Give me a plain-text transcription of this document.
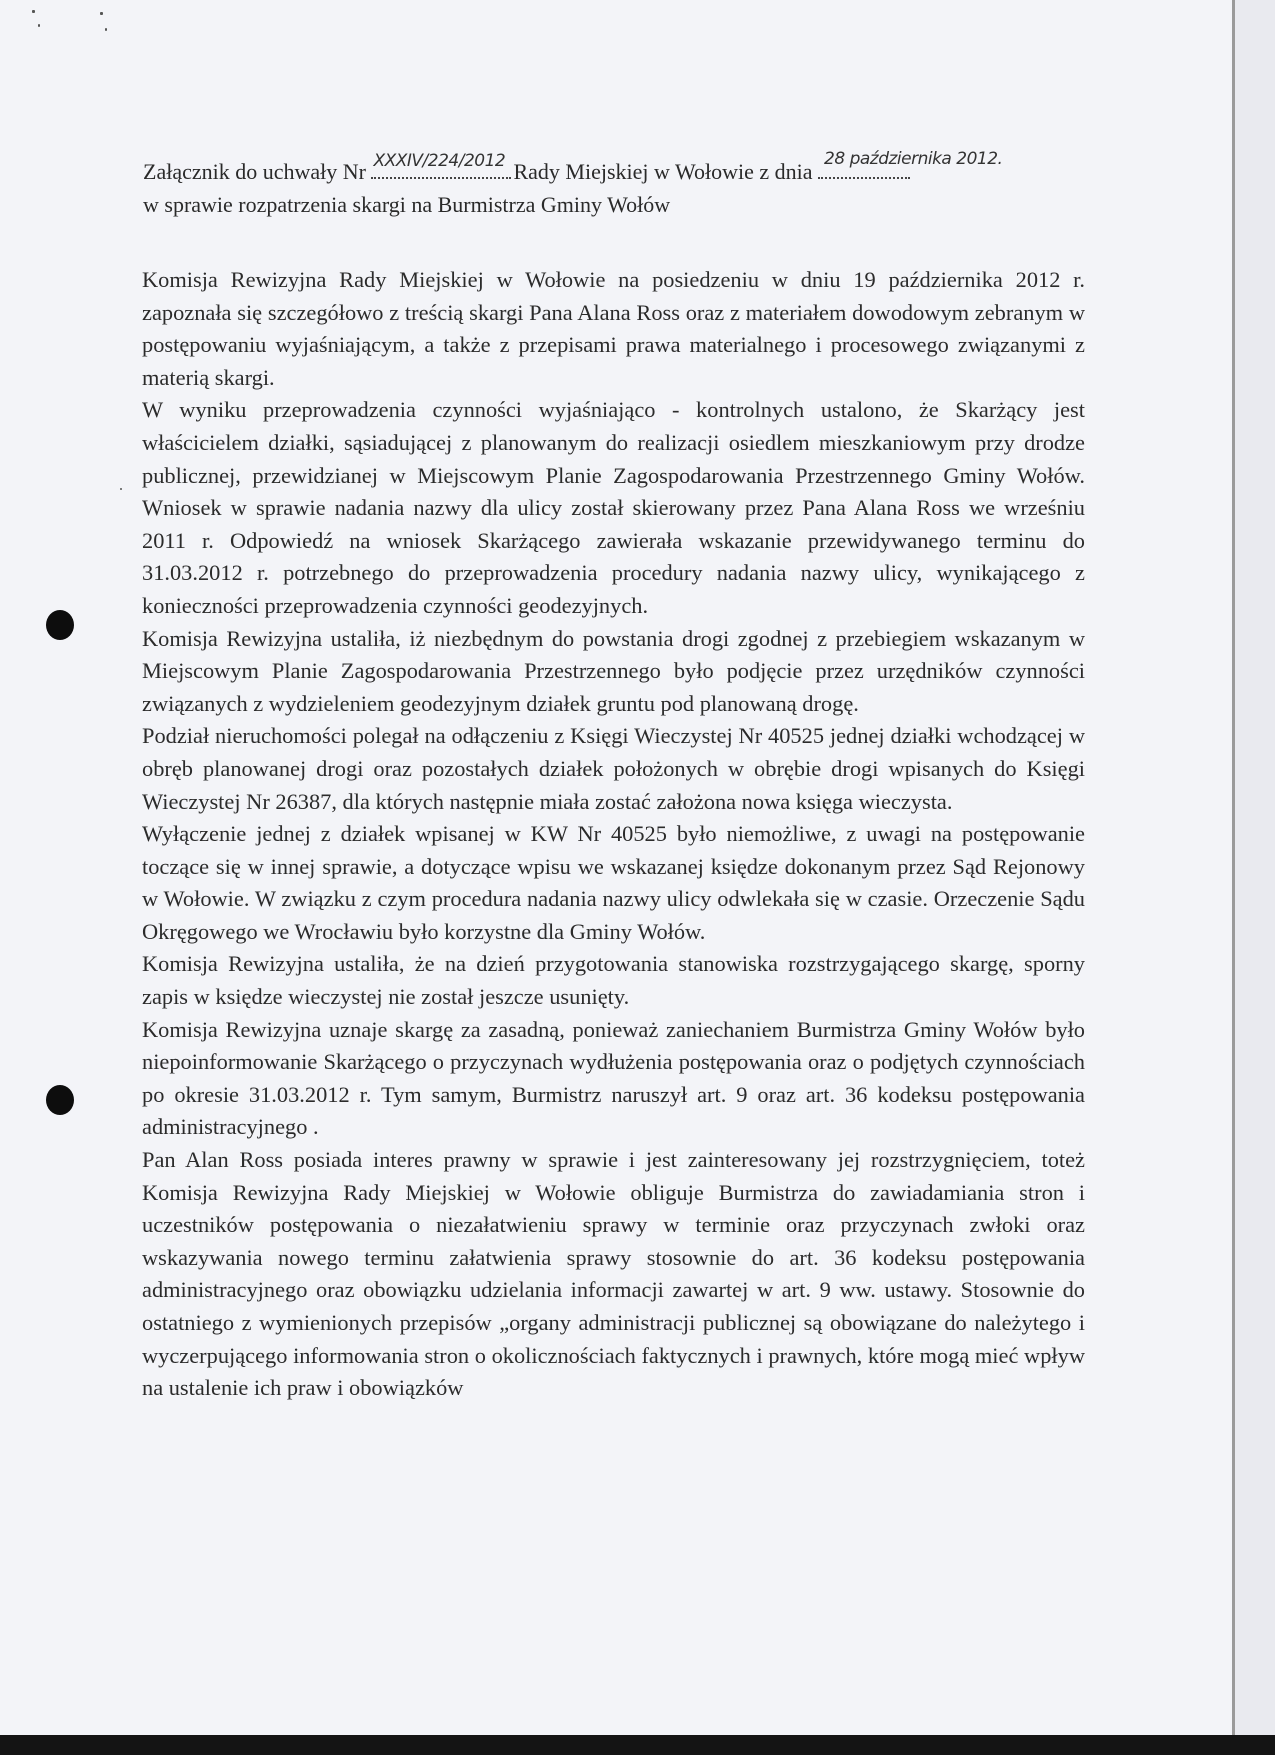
Załącznik do uchwały Nr XXXIV/224/2012 Rady Miejskiej w Wołowie z dnia 28 października 2012.
w sprawie rozpatrzenia skargi na Burmistrza Gminy Wołów

Komisja Rewizyjna Rady Miejskiej w Wołowie na posiedzeniu w dniu 19 października 2012 r. zapoznała się szczegółowo z treścią skargi Pana Alana Ross oraz z materiałem dowodowym zebranym w postępowaniu wyjaśniającym, a także z przepisami prawa materialnego i procesowego związanymi z materią skargi.

W wyniku przeprowadzenia czynności wyjaśniająco - kontrolnych ustalono, że Skarżący jest właścicielem działki, sąsiadującej z planowanym do realizacji osiedlem mieszkaniowym przy drodze publicznej, przewidzianej w Miejscowym Planie Zagospodarowania Przestrzennego Gminy Wołów. Wniosek w sprawie nadania nazwy dla ulicy został skierowany przez Pana Alana Ross we wrześniu 2011 r. Odpowiedź na wniosek Skarżącego zawierała wskazanie przewidywanego terminu do 31.03.2012 r. potrzebnego do przeprowadzenia procedury nadania nazwy ulicy, wynikającego z konieczności przeprowadzenia czynności geodezyjnych.

Komisja Rewizyjna ustaliła, iż niezbędnym do powstania drogi zgodnej z przebiegiem wskazanym w Miejscowym Planie Zagospodarowania Przestrzennego było podjęcie przez urzędników czynności związanych z wydzieleniem geodezyjnym działek gruntu pod planowaną drogę.

Podział nieruchomości polegał na odłączeniu z Księgi Wieczystej Nr 40525 jednej działki wchodzącej w obręb planowanej drogi oraz pozostałych działek położonych w obrębie drogi wpisanych do Księgi Wieczystej Nr 26387, dla których następnie miała zostać założona nowa księga wieczysta.

Wyłączenie jednej z działek wpisanej w KW Nr 40525 było niemożliwe, z uwagi na postępowanie toczące się w innej sprawie, a dotyczące wpisu we wskazanej księdze dokonanym przez Sąd Rejonowy w Wołowie. W związku z czym procedura nadania nazwy ulicy odwlekała się w czasie. Orzeczenie Sądu Okręgowego we Wrocławiu było korzystne dla Gminy Wołów.

Komisja Rewizyjna ustaliła, że na dzień przygotowania stanowiska rozstrzygającego skargę, sporny zapis w księdze wieczystej nie został jeszcze usunięty.

Komisja Rewizyjna uznaje skargę za zasadną, ponieważ zaniechaniem Burmistrza Gminy Wołów było niepoinformowanie Skarżącego o przyczynach wydłużenia postępowania oraz o podjętych czynnościach po okresie 31.03.2012 r. Tym samym, Burmistrz naruszył art. 9 oraz art. 36 kodeksu postępowania administracyjnego .

Pan Alan Ross posiada interes prawny w sprawie i jest zainteresowany jej rozstrzygnięciem, toteż Komisja Rewizyjna Rady Miejskiej w Wołowie obliguje Burmistrza do zawiadamiania stron i uczestników postępowania o niezałatwieniu sprawy w terminie oraz przyczynach zwłoki oraz wskazywania nowego terminu załatwienia sprawy stosownie do art. 36 kodeksu postępowania administracyjnego oraz obowiązku udzielania informacji zawartej w art. 9 ww. ustawy. Stosownie do ostatniego z wymienionych przepisów „organy administracji publicznej są obowiązane do należytego i wyczerpującego informowania stron o okolicznościach faktycznych i prawnych, które mogą mieć wpływ na ustalenie ich praw i obowiązków
